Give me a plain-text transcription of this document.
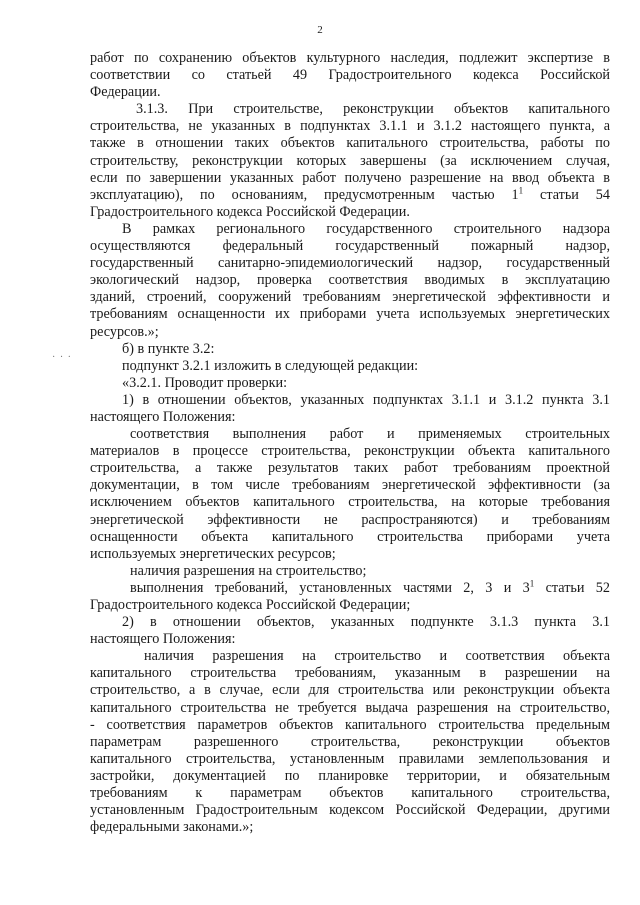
2
· · ·
работ по сохранению объектов культурного наследия, подлежит экспертизе в
соответствии со статьей 49 Градостроительного кодекса Российской
Федерации.
3.1.3. При строительстве, реконструкции объектов капитального
строительства, не указанных в подпунктах 3.1.1 и 3.1.2 настоящего пункта, а
также в отношении таких объектов капитального строительства, работы по
строительству, реконструкции которых завершены (за исключением случая,
если по завершении указанных работ получено разрешение на ввод объекта в
эксплуатацию), по основаниям, предусмотренным частью $1^1$ статьи 54
Градостроительного кодекса Российской Федерации.
В рамках регионального государственного строительного надзора
осуществляются федеральный государственный пожарный надзор,
государственный санитарно-эпидемиологический надзор, государственный
экологический надзор, проверка соответствия вводимых в эксплуатацию
зданий, строений, сооружений требованиям энергетической эффективности и
требованиям оснащенности их приборами учета используемых энергетических
ресурсов.»;
б) в пункте 3.2:
подпункт 3.2.1 изложить в следующей редакции:
«3.2.1. Проводит проверки:
1) в отношении объектов, указанных подпунктах 3.1.1 и 3.1.2 пункта 3.1
настоящего Положения:
соответствия выполнения работ и применяемых строительных
материалов в процессе строительства, реконструкции объекта капитального
строительства, а также результатов таких работ требованиям проектной
документации, в том числе требованиям энергетической эффективности (за
исключением объектов капитального строительства, на которые требования
энергетической эффективности не распространяются) и требованиям
оснащенности объекта капитального строительства приборами учета
используемых энергетических ресурсов;
наличия разрешения на строительство;
выполнения требований, установленных частями 2, 3 и $3^1$ статьи 52
Градостроительного кодекса Российской Федерации;
2) в отношении объектов, указанных подпункте 3.1.3 пункта 3.1
настоящего Положения:
наличия разрешения на строительство и соответствия объекта
капитального строительства требованиям, указанным в разрешении на
строительство, а в случае, если для строительства или реконструкции объекта
капитального строительства не требуется выдача разрешения на строительство,
- соответствия параметров объектов капитального строительства предельным
параметрам разрешенного строительства, реконструкции объектов
капитального строительства, установленным правилами землепользования и
застройки, документацией по планировке территории, и обязательным
требованиям к параметрам объектов капитального строительства,
установленным Градостроительным кодексом Российской Федерации, другими
федеральными законами.»;
